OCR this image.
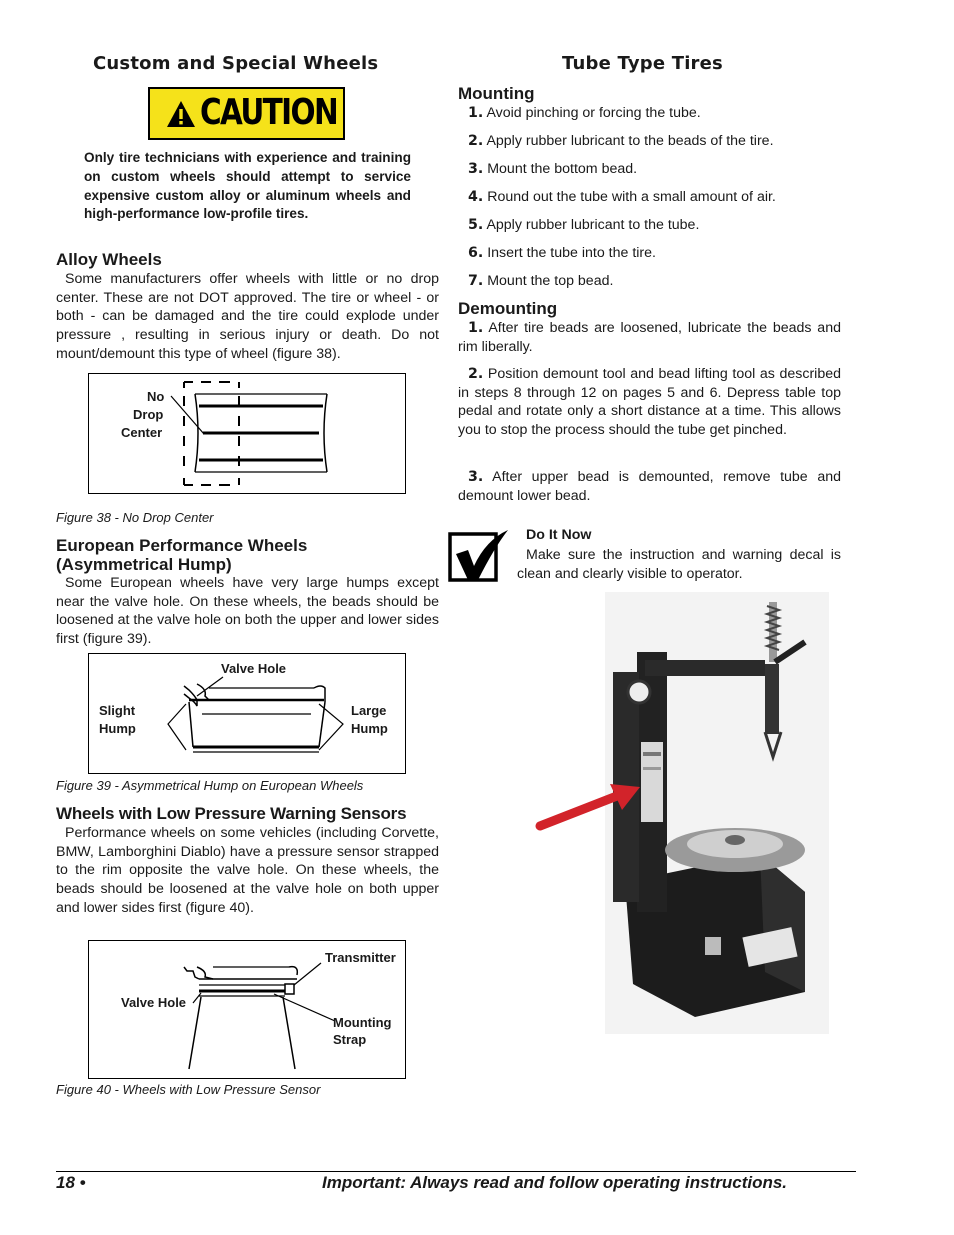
Custom and Special Wheels
CAUTION
Only tire technicians with experience and training on custom wheels should attempt to service expensive custom alloy or aluminum wheels and high-performance low-profile tires.
Alloy Wheels
Some manufacturers offer wheels with little or no drop center. These are not DOT approved. The tire or wheel - or both - can be damaged and the tire could explode under pressure , resulting in serious injury or death. Do not mount/demount this type of wheel (figure 38).
No
Drop
Center
Figure 38 - No Drop Center
European Performance Wheels
(Asymmetrical Hump)
Some European wheels have very large humps except near the valve hole. On these wheels, the beads should be loosened at the valve hole on both the upper and lower sides first (figure 39).
Valve Hole
Slight
Hump
Large
Hump
Figure 39 - Asymmetrical Hump on European Wheels
Wheels with Low Pressure Warning Sensors
Performance wheels on some vehicles (including Corvette, BMW, Lamborghini Diablo) have a pressure sensor strapped to the rim opposite the valve hole. On these wheels, the beads should be loosened at the valve hole on both upper and lower sides first (figure 40).
Transmitter
Valve Hole
Mounting
Strap
Figure 40 - Wheels with Low Pressure Sensor
Tube Type Tires
Mounting
1. Avoid pinching or forcing the tube.
2. Apply rubber lubricant to the beads of the tire.
3. Mount the bottom bead.
4. Round out the tube with a small amount of air.
5. Apply rubber lubricant to the tube.
6. Insert the tube into the tire.
7. Mount the top bead.
Demounting
1. After tire beads are loosened, lubricate the beads and rim liberally.
2. Position demount tool and bead lifting tool as described in steps 8 through 12 on pages 5 and 6. Depress table top pedal and rotate only a short distance at a time. This allows you to stop the process should the tube get pinched.
3. After upper bead is demounted, remove tube and demount lower bead.
Do It Now
Make sure the instruction and warning decal is clean and clearly visible to operator.
18 •	Important: Always read and follow operating instructions.
